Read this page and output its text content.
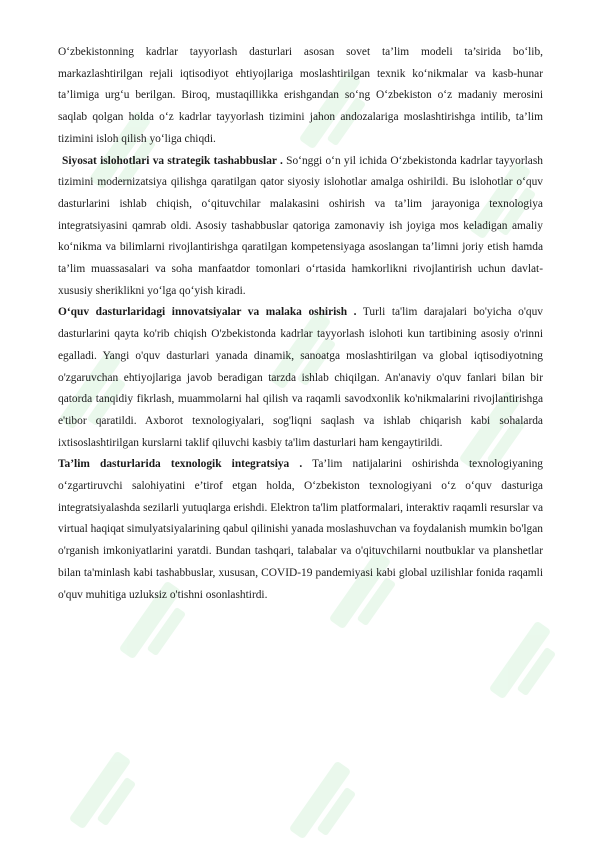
O‘zbekistonning kadrlar tayyorlash dasturlari asosan sovet ta’lim modeli ta’sirida bo‘lib, markazlashtirilgan rejali iqtisodiyot ehtiyojlariga moslashtirilgan texnik ko‘nikmalar va kasb-hunar ta’limiga urg‘u berilgan. Biroq, mustaqillikka erishgandan so‘ng O‘zbekiston o‘z madaniy merosini saqlab qolgan holda o‘z kadrlar tayyorlash tizimini jahon andozalariga moslashtirishga intilib, ta’lim tizimini isloh qilish yo‘liga chiqdi.

Siyosat islohotlari va strategik tashabbuslar . So‘nggi o‘n yil ichida O‘zbekistonda kadrlar tayyorlash tizimini modernizatsiya qilishga qaratilgan qator siyosiy islohotlar amalga oshirildi. Bu islohotlar o‘quv dasturlarini ishlab chiqish, o‘qituvchilar malakasini oshirish va ta’lim jarayoniga texnologiya integratsiyasini qamrab oldi. Asosiy tashabbuslar qatoriga zamonaviy ish joyiga mos keladigan amaliy ko‘nikma va bilimlarni rivojlantirishga qaratilgan kompetensiyaga asoslangan ta’limni joriy etish hamda ta’lim muassasalari va soha manfaatdor tomonlari o‘rtasida hamkorlikni rivojlantirish uchun davlat-xususiy sheriklikni yo‘lga qo‘yish kiradi.

O‘quv dasturlaridagi innovatsiyalar va malaka oshirish . Turli ta'lim darajalari bo'yicha o'quv dasturlarini qayta ko'rib chiqish O'zbekistonda kadrlar tayyorlash islohoti kun tartibining asosiy o'rinni egalladi. Yangi o'quv dasturlari yanada dinamik, sanoatga moslashtirilgan va global iqtisodiyotning o'zgaruvchan ehtiyojlariga javob beradigan tarzda ishlab chiqilgan. An'anaviy o'quv fanlari bilan bir qatorda tanqidiy fikrlash, muammolarni hal qilish va raqamli savodxonlik ko'nikmalarini rivojlantirishga e'tibor qaratildi. Axborot texnologiyalari, sog'liqni saqlash va ishlab chiqarish kabi sohalarda ixtisoslashtirilgan kurslarni taklif qiluvchi kasbiy ta'lim dasturlari ham kengaytirildi.

Ta’lim dasturlarida texnologik integratsiya . Ta’lim natijalarini oshirishda texnologiyaning o‘zgartiruvchi salohiyatini e’tirof etgan holda, O‘zbekiston texnologiyani o‘z o‘quv dasturiga integratsiyalashda sezilarli yutuqlarga erishdi. Elektron ta'lim platformalari, interaktiv raqamli resurslar va virtual haqiqat simulyatsiyalarining qabul qilinishi yanada moslashuvchan va foydalanish mumkin bo'lgan o'rganish imkoniyatlarini yaratdi. Bundan tashqari, talabalar va o'qituvchilarni noutbuklar va planshetlar bilan ta'minlash kabi tashabbuslar, xususan, COVID-19 pandemiyasi kabi global uzilishlar fonida raqamli o'quv muhitiga uzluksiz o'tishni osonlashtirdi.
